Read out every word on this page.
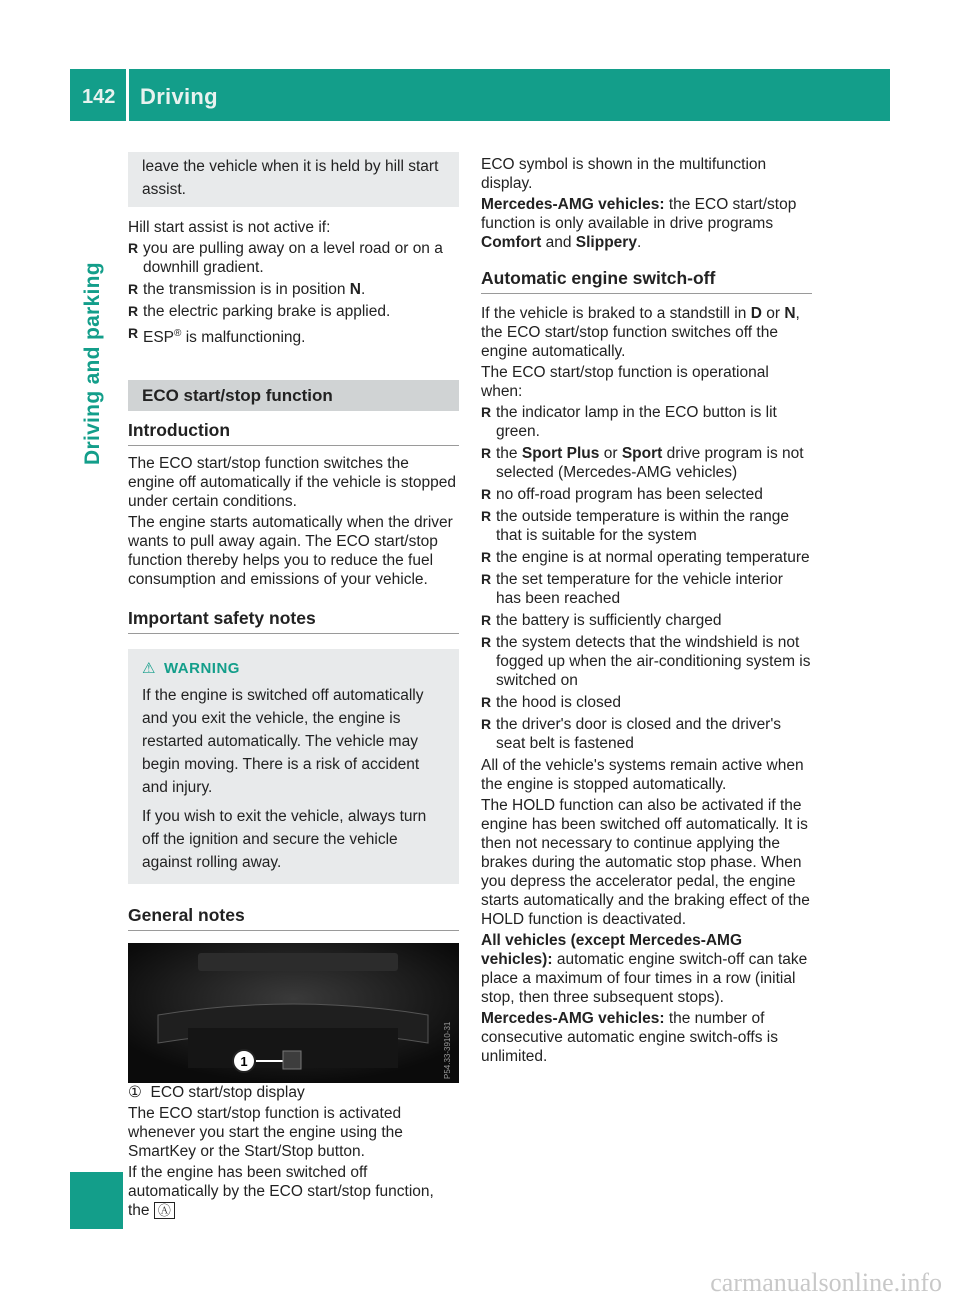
142 Driving
Driving and parking
leave the vehicle when it is held by hill start assist.

Hill start assist is not active if:

R you are pulling away on a level road or on a downhill gradient.
R the transmission is in position N.
R the electric parking brake is applied.
R ESP® is malfunctioning.
ECO start/stop function
Introduction

The ECO start/stop function switches the engine off automatically if the vehicle is stopped under certain conditions.

The engine starts automatically when the driver wants to pull away again. The ECO start/stop function thereby helps you to reduce the fuel consumption and emissions of your vehicle.

Important safety notes
⚠ WARNING

If the engine is switched off automatically and you exit the vehicle, the engine is restarted automatically. The vehicle may begin moving. There is a risk of accident and injury.

If you wish to exit the vehicle, always turn off the ignition and secure the vehicle against rolling away.

General notes
1	P54.33-3910-31

① ECO start/stop display

The ECO start/stop function is activated whenever you start the engine using the SmartKey or the Start/Stop button.

If the engine has been switched off automatically by the ECO start/stop function, the Ⓐ

ECO symbol is shown in the multifunction display.

Mercedes-AMG vehicles: the ECO start/stop function is only available in drive programs Comfort and Slippery.

Automatic engine switch-off

If the vehicle is braked to a standstill in D or N, the ECO start/stop function switches off the engine automatically.

The ECO start/stop function is operational when:

R the indicator lamp in the ECO button is lit green.
R the Sport Plus or Sport drive program is not selected (Mercedes-AMG vehicles)
R no off-road program has been selected
R the outside temperature is within the range that is suitable for the system
R the engine is at normal operating temperature
R the set temperature for the vehicle interior has been reached
R the battery is sufficiently charged
R the system detects that the windshield is not fogged up when the air-conditioning system is switched on
R the hood is closed
R the driver's door is closed and the driver's seat belt is fastened

All of the vehicle's systems remain active when the engine is stopped automatically.

The HOLD function can also be activated if the engine has been switched off automatically. It is then not necessary to continue applying the brakes during the automatic stop phase. When you depress the accelerator pedal, the engine starts automatically and the braking effect of the HOLD function is deactivated.

All vehicles (except Mercedes-AMG vehicles): automatic engine switch-off can take place a maximum of four times in a row (initial stop, then three subsequent stops).

Mercedes-AMG vehicles: the number of consecutive automatic engine switch-offs is unlimited.

carmanualsonline.info
